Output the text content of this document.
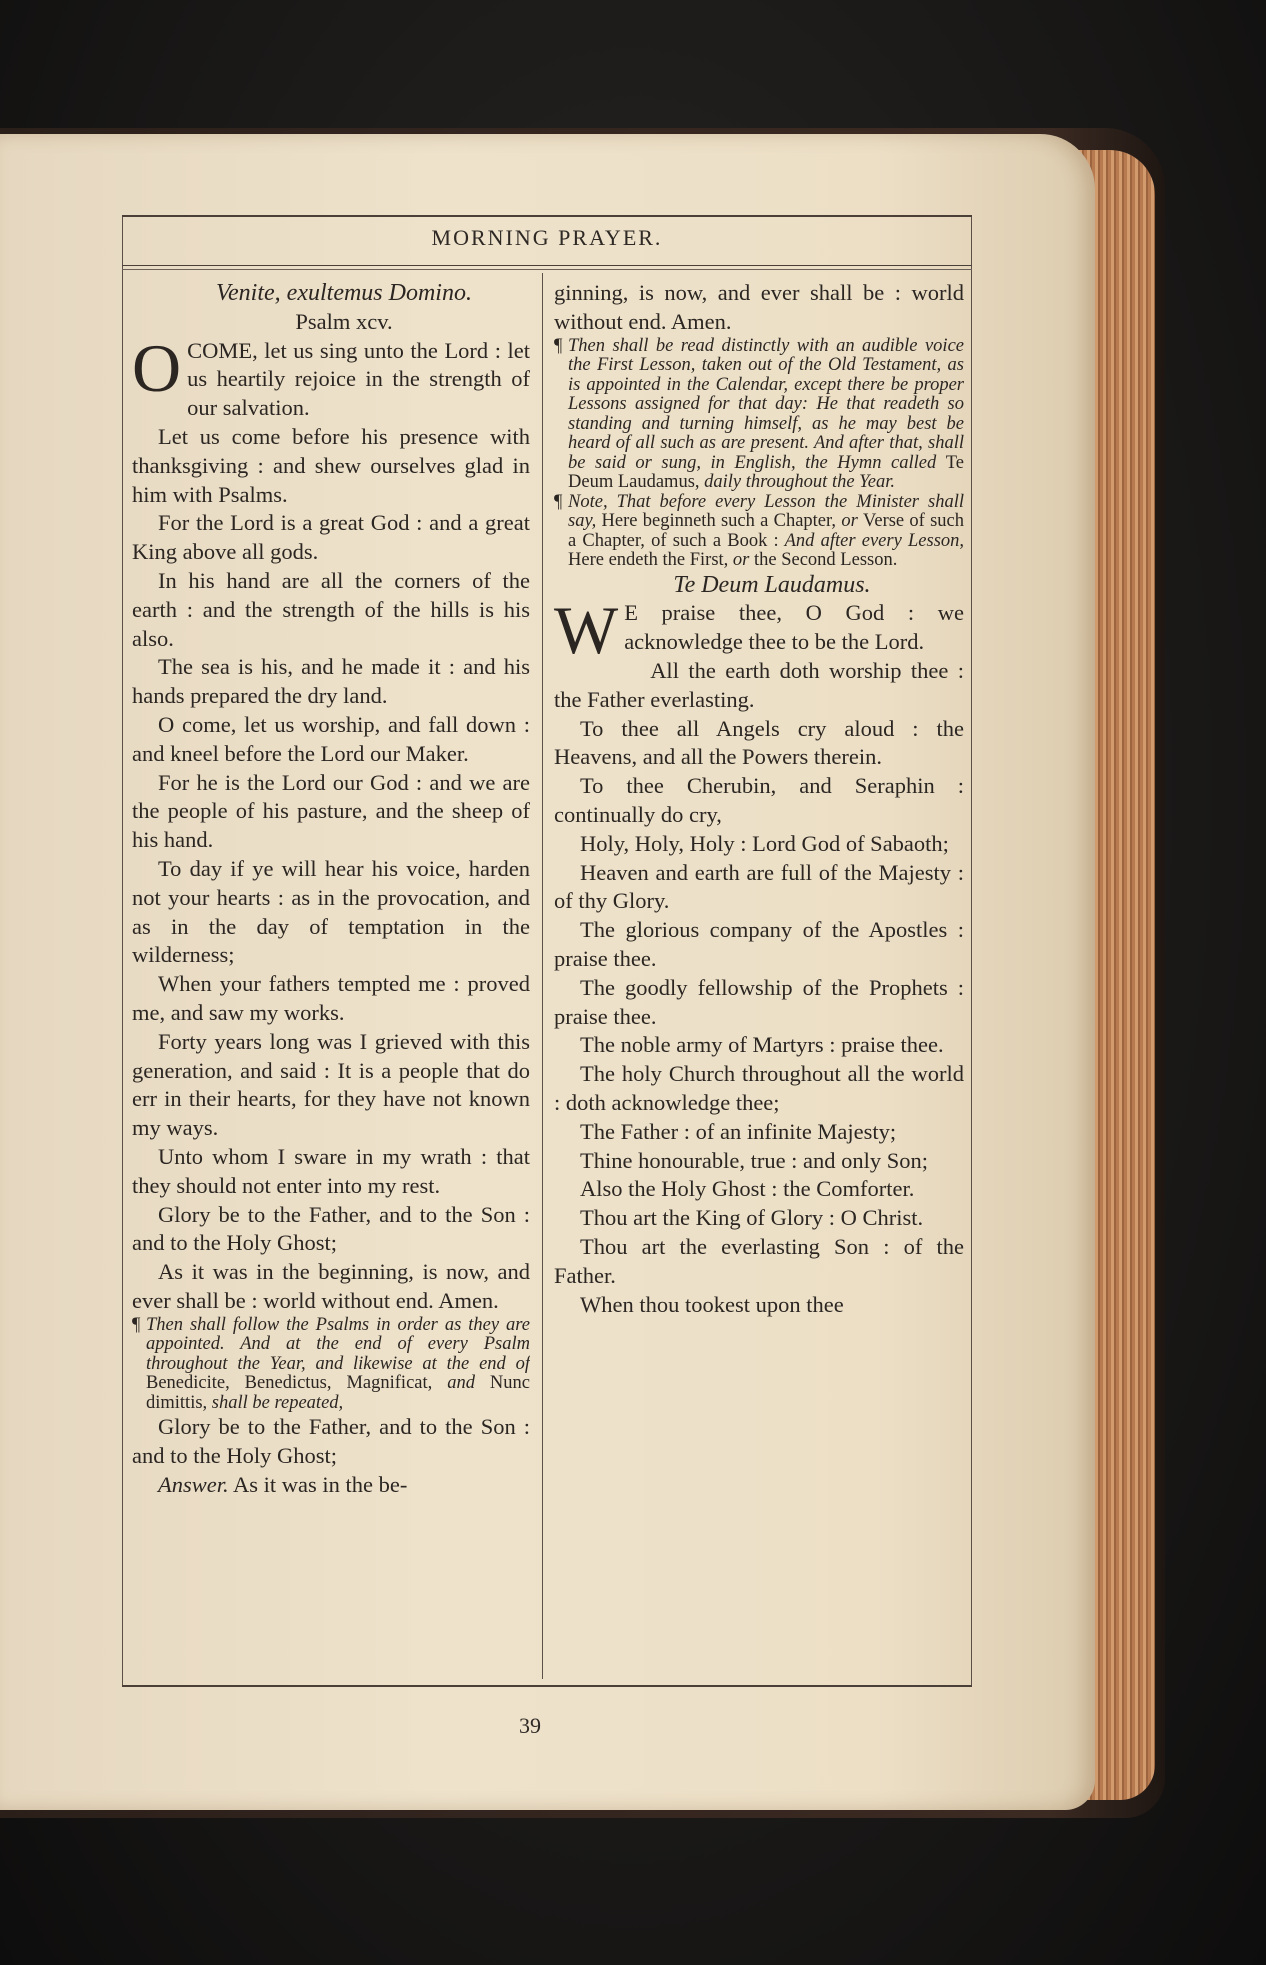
MORNING PRAYER.

Venite, exultemus Domino.

Psalm xcv.

OCOME, let us sing unto the Lord : let us heartily rejoice in the strength of our salvation.

Let us come before his presence with thanksgiving : and shew ourselves glad in him with Psalms.

For the Lord is a great God : and a great King above all gods.

In his hand are all the corners of the earth : and the strength of the hills is his also.

The sea is his, and he made it : and his hands prepared the dry land.

O come, let us worship, and fall down : and kneel before the Lord our Maker.

For he is the Lord our God : and we are the people of his pasture, and the sheep of his hand.

To day if ye will hear his voice, harden not your hearts : as in the provocation, and as in the day of temptation in the wilderness;

When your fathers tempted me : proved me, and saw my works.

Forty years long was I grieved with this generation, and said : It is a people that do err in their hearts, for they have not known my ways.

Unto whom I sware in my wrath : that they should not enter into my rest.

Glory be to the Father, and to the Son : and to the Holy Ghost;

As it was in the beginning, is now, and ever shall be : world without end. Amen.

¶ Then shall follow the Psalms in order as they are appointed. And at the end of every Psalm throughout the Year, and likewise at the end of Benedicite, Benedictus, Magnificat, and Nunc dimittis, shall be repeated,

Glory be to the Father, and to the Son : and to the Holy Ghost;

Answer. As it was in the be-

ginning, is now, and ever shall be : world without end. Amen.

¶ Then shall be read distinctly with an audible voice the First Lesson, taken out of the Old Testament, as is appointed in the Calendar, except there be proper Lessons assigned for that day: He that readeth so standing and turning himself, as he may best be heard of all such as are present. And after that, shall be said or sung, in English, the Hymn called Te Deum Laudamus, daily throughout the Year.

¶ Note, That before every Lesson the Minister shall say, Here beginneth such a Chapter, or Verse of such a Chapter, of such a Book : And after every Lesson, Here endeth the First, or the Second Lesson.

Te Deum Laudamus.

W E praise thee, O God : we acknowledge thee to be the Lord.

All the earth doth worship thee : the Father everlasting.

To thee all Angels cry aloud : the Heavens, and all the Powers therein.

To thee Cherubin, and Seraphin : continually do cry,

Holy, Holy, Holy : Lord God of Sabaoth;

Heaven and earth are full of the Majesty : of thy Glory.

The glorious company of the Apostles : praise thee.

The goodly fellowship of the Prophets : praise thee.

The noble army of Martyrs : praise thee.

The holy Church throughout all the world : doth acknowledge thee;

The Father : of an infinite Majesty;

Thine honourable, true : and only Son;

Also the Holy Ghost : the Comforter.

Thou art the King of Glory : O Christ.

Thou art the everlasting Son : of the Father.

When thou tookest upon thee

39
